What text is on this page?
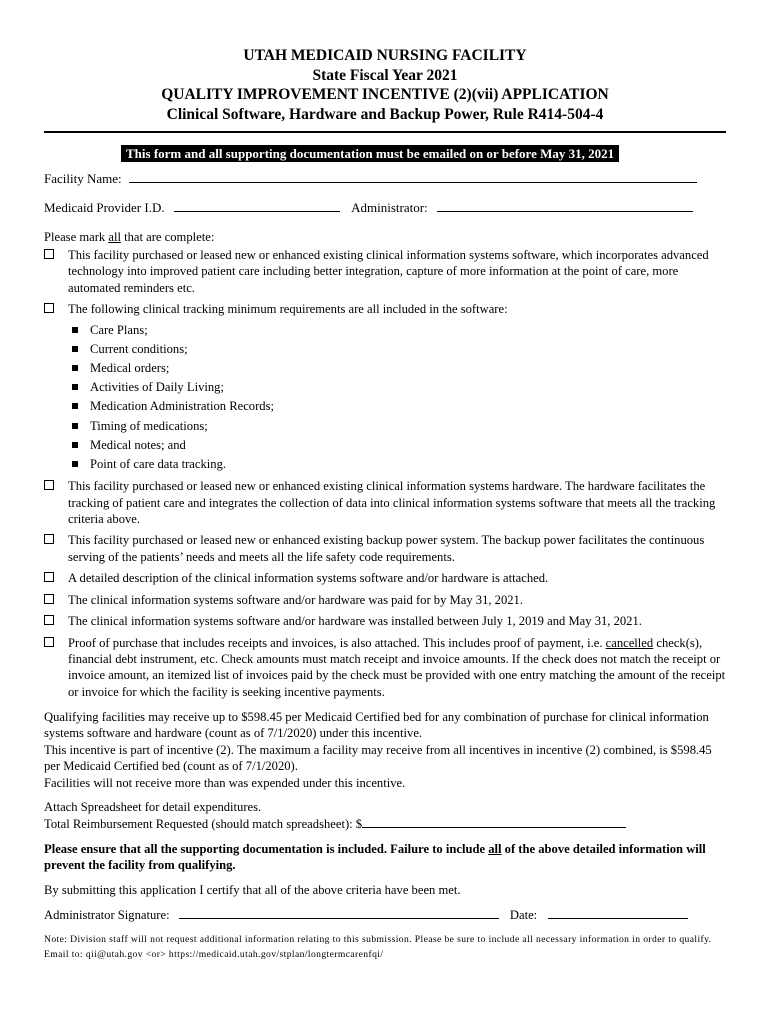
UTAH MEDICAID NURSING FACILITY
State Fiscal Year 2021
QUALITY IMPROVEMENT INCENTIVE (2)(vii) APPLICATION
Clinical Software, Hardware and Backup Power, Rule R414-504-4
This form and all supporting documentation must be emailed on or before May 31, 2021
Facility Name:
Medicaid Provider I.D.	Administrator:
Please mark all that are complete:
This facility purchased or leased new or enhanced existing clinical information systems software, which incorporates advanced technology into improved patient care including better integration, capture of more information at the point of care, more automated reminders etc.
The following clinical tracking minimum requirements are all included in the software:
Care Plans;
Current conditions;
Medical orders;
Activities of Daily Living;
Medication Administration Records;
Timing of medications;
Medical notes; and
Point of care data tracking.
This facility purchased or leased new or enhanced existing clinical information systems hardware. The hardware facilitates the tracking of patient care and integrates the collection of data into clinical information systems software that meets all the tracking criteria above.
This facility purchased or leased new or enhanced existing backup power system. The backup power facilitates the continuous serving of the patients’ needs and meets all the life safety code requirements.
A detailed description of the clinical information systems software and/or hardware is attached.
The clinical information systems software and/or hardware was paid for by May 31, 2021.
The clinical information systems software and/or hardware was installed between July 1, 2019 and May 31, 2021.
Proof of purchase that includes receipts and invoices, is also attached. This includes proof of payment, i.e. cancelled check(s), financial debt instrument, etc. Check amounts must match receipt and invoice amounts. If the check does not match the receipt or invoice amount, an itemized list of invoices paid by the check must be provided with one entry matching the amount of the receipt or invoice for which the facility is seeking incentive payments.
Qualifying facilities may receive up to $598.45 per Medicaid Certified bed for any combination of purchase for clinical information systems software and hardware (count as of 7/1/2020) under this incentive.
This incentive is part of incentive (2). The maximum a facility may receive from all incentives in incentive (2) combined, is $598.45 per Medicaid Certified bed (count as of 7/1/2020).
Facilities will not receive more than was expended under this incentive.
Attach Spreadsheet for detail expenditures.
Total Reimbursement Requested (should match spreadsheet): $
Please ensure that all the supporting documentation is included. Failure to include all of the above detailed information will prevent the facility from qualifying.
By submitting this application I certify that all of the above criteria have been met.
Administrator Signature:	Date:
Note: Division staff will not request additional information relating to this submission. Please be sure to include all necessary information in order to qualify. Email to: qii@utah.gov <or> https://medicaid.utah.gov/stplan/longtermcarenfqi/
